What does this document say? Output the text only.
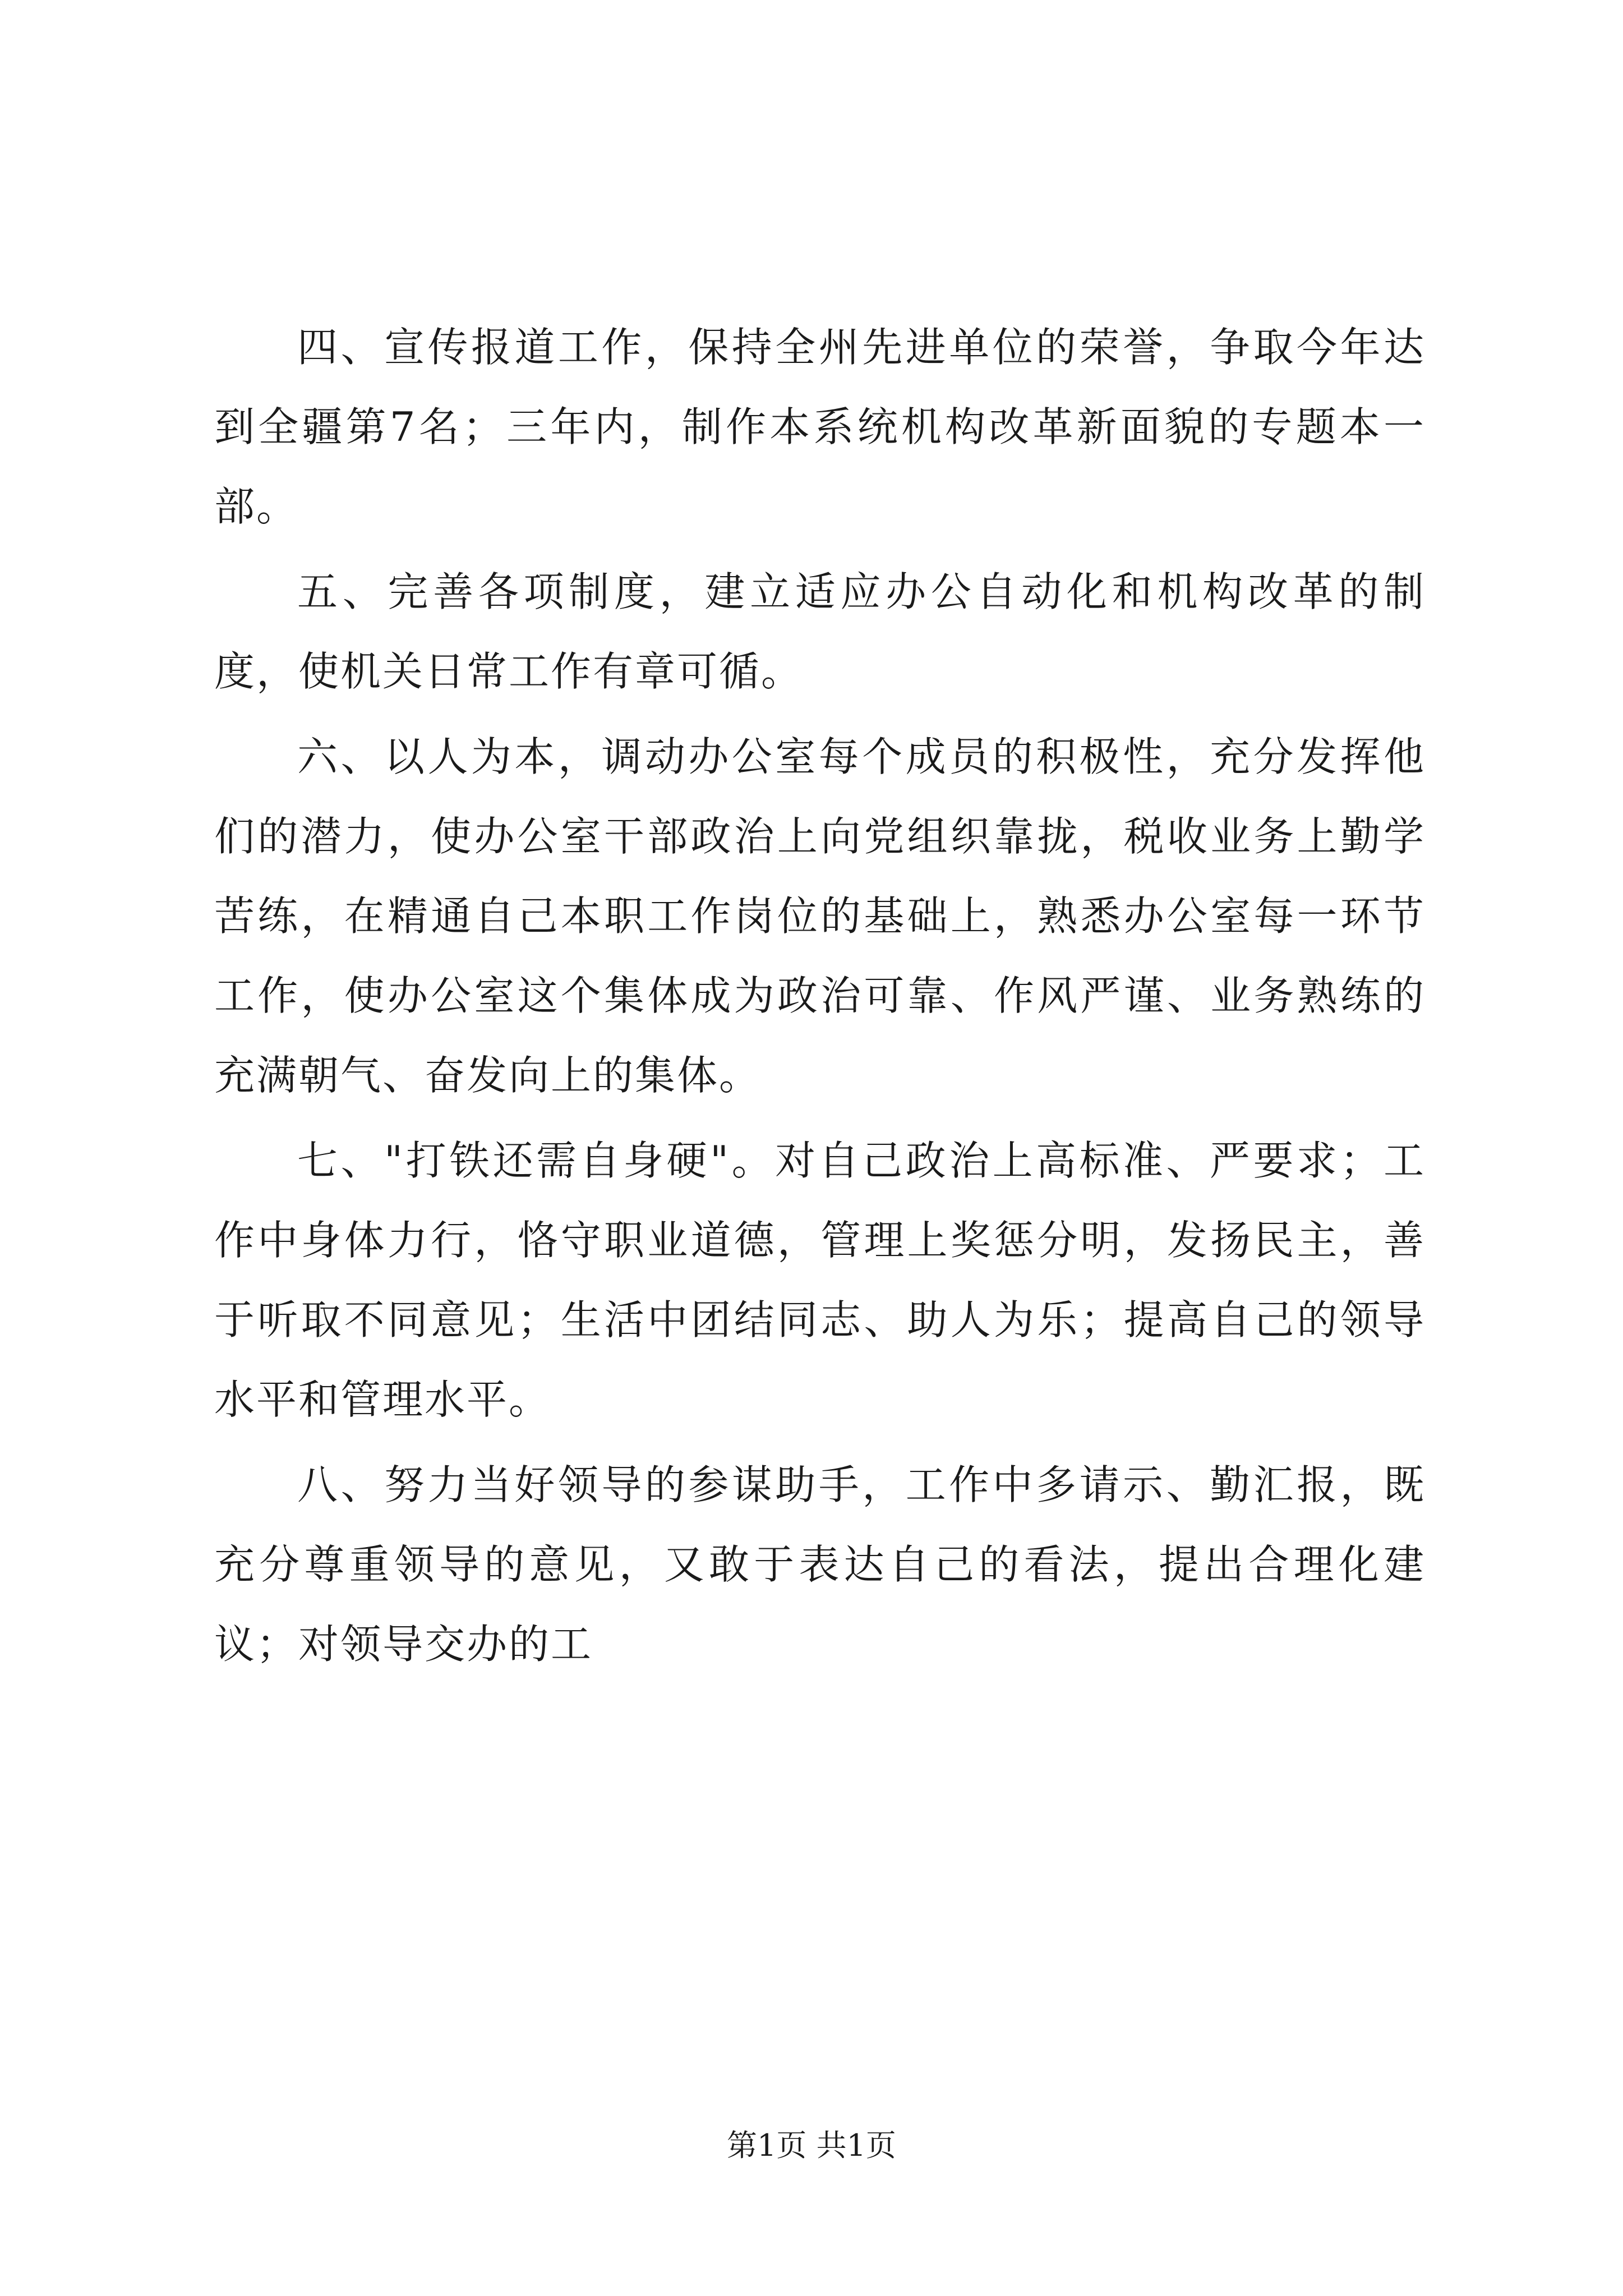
四、宣传报道工作，保持全州先进单位的荣誉，争取今年达到全疆第7名；三年内，制作本系统机构改革新面貌的专题本一部。

五、完善各项制度，建立适应办公自动化和机构改革的制度，使机关日常工作有章可循。

六、以人为本，调动办公室每个成员的积极性，充分发挥他们的潜力，使办公室干部政治上向党组织靠拢，税收业务上勤学苦练，在精通自己本职工作岗位的基础上，熟悉办公室每一环节工作，使办公室这个集体成为政治可靠、作风严谨、业务熟练的充满朝气、奋发向上的集体。

七、"打铁还需自身硬"。对自己政治上高标准、严要求；工作中身体力行，恪守职业道德，管理上奖惩分明，发扬民主，善于听取不同意见；生活中团结同志、助人为乐；提高自己的领导水平和管理水平。

八、努力当好领导的参谋助手，工作中多请示、勤汇报，既充分尊重领导的意见，又敢于表达自己的看法，提出合理化建议；对领导交办的工

第1页 共1页
